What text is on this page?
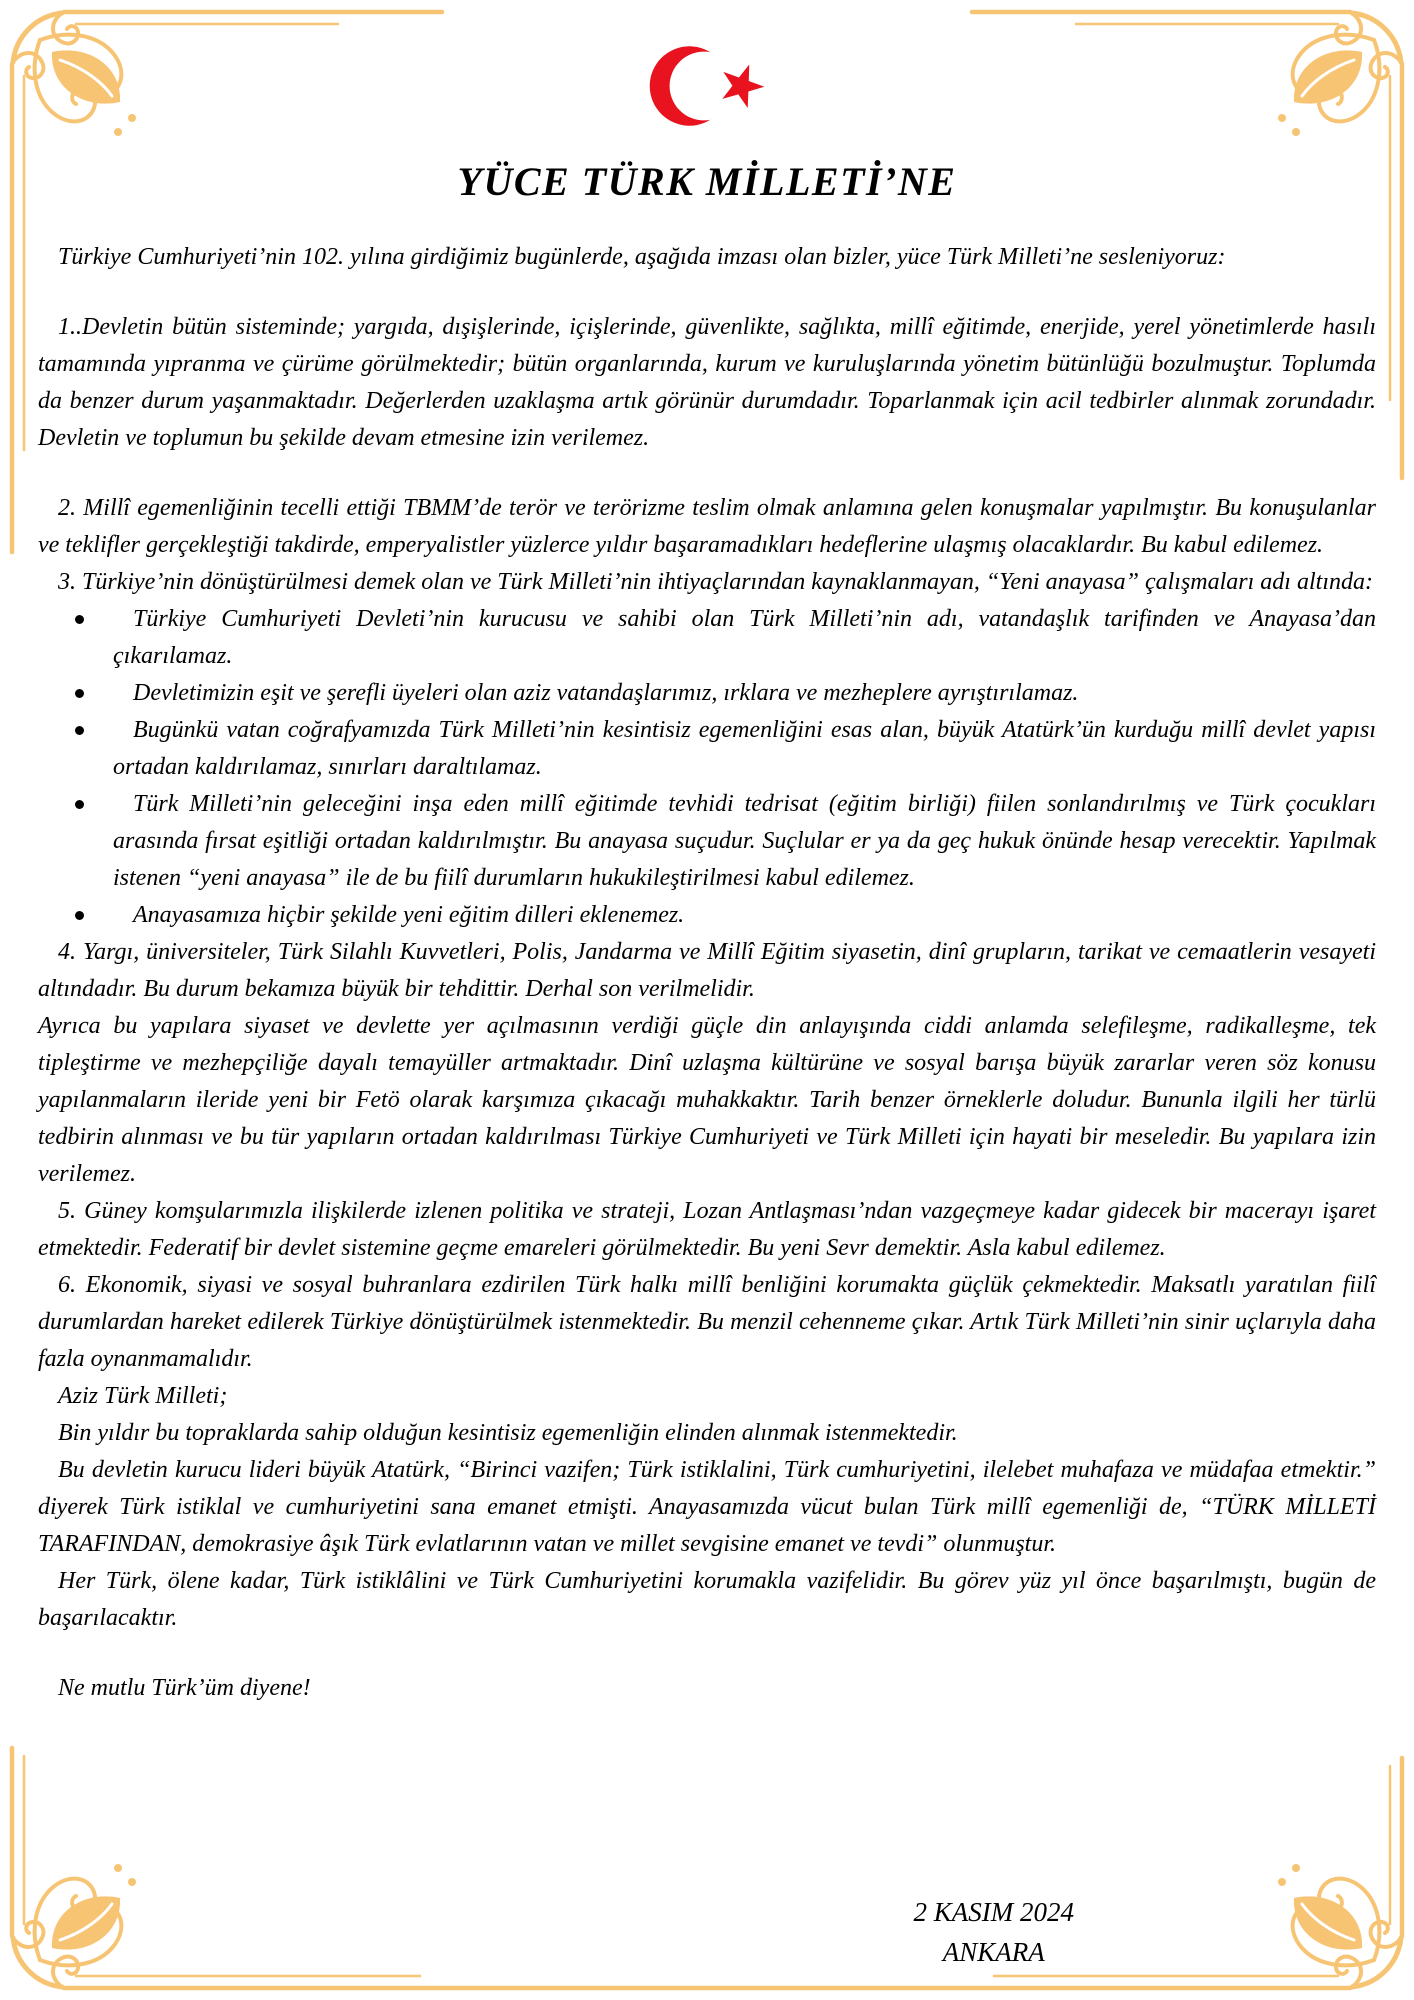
YÜCE TÜRK MİLLETİ’NE

Türkiye Cumhuriyeti’nin 102. yılına girdiğimiz bugünlerde, aşağıda imzası olan bizler, yüce Türk Milleti’ne sesleniyoruz:

1..Devletin bütün sisteminde; yargıda, dışişlerinde, içişlerinde, güvenlikte, sağlıkta, millî eğitimde, enerjide, yerel yönetimlerde hasılı tamamında yıpranma ve çürüme görülmektedir; bütün organlarında, kurum ve kuruluşlarında yönetim bütünlüğü bozulmuştur. Toplumda da benzer durum yaşanmaktadır. Değerlerden uzaklaşma artık görünür durumdadır. Toparlanmak için acil tedbirler alınmak zorundadır. Devletin ve toplumun bu şekilde devam etmesine izin verilemez.

2. Millî egemenliğinin tecelli ettiği TBMM’de terör ve terörizme teslim olmak anlamına gelen konuşmalar yapılmıştır. Bu konuşulanlar ve teklifler gerçekleştiği takdirde, emperyalistler yüzlerce yıldır başaramadıkları hedeflerine ulaşmış olacaklardır. Bu kabul edilemez.

3. Türkiye’nin dönüştürülmesi demek olan ve Türk Milleti’nin ihtiyaçlarından kaynaklanmayan, “Yeni anayasa” çalışmaları adı altında:

Türkiye Cumhuriyeti Devleti’nin kurucusu ve sahibi olan Türk Milleti’nin adı, vatandaşlık tarifinden ve Anayasa’dan çıkarılamaz.
Devletimizin eşit ve şerefli üyeleri olan aziz vatandaşlarımız, ırklara ve mezheplere ayrıştırılamaz.
Bugünkü vatan coğrafyamızda Türk Milleti’nin kesintisiz egemenliğini esas alan, büyük Atatürk’ün kurduğu millî devlet yapısı ortadan kaldırılamaz, sınırları daraltılamaz.
Türk Milleti’nin geleceğini inşa eden millî eğitimde tevhidi tedrisat (eğitim birliği) fiilen sonlandırılmış ve Türk çocukları arasında fırsat eşitliği ortadan kaldırılmıştır. Bu anayasa suçudur. Suçlular er ya da geç hukuk önünde hesap verecektir. Yapılmak istenen “yeni anayasa” ile de bu fiilî durumların hukukileştirilmesi kabul edilemez.
Anayasamıza hiçbir şekilde yeni eğitim dilleri eklenemez.

4. Yargı, üniversiteler, Türk Silahlı Kuvvetleri, Polis, Jandarma ve Millî Eğitim siyasetin, dinî grupların, tarikat ve cemaatlerin vesayeti altındadır. Bu durum bekamıza büyük bir tehdittir. Derhal son verilmelidir.

Ayrıca bu yapılara siyaset ve devlette yer açılmasının verdiği güçle din anlayışında ciddi anlamda selefileşme, radikalleşme, tek tipleştirme ve mezhepçiliğe dayalı temayüller artmaktadır. Dinî uzlaşma kültürüne ve sosyal barışa büyük zararlar veren söz konusu yapılanmaların ileride yeni bir Fetö olarak karşımıza çıkacağı muhakkaktır. Tarih benzer örneklerle doludur. Bununla ilgili her türlü tedbirin alınması ve bu tür yapıların ortadan kaldırılması Türkiye Cumhuriyeti ve Türk Milleti için hayati bir meseledir. Bu yapılara izin verilemez.

5. Güney komşularımızla ilişkilerde izlenen politika ve strateji, Lozan Antlaşması’ndan vazgeçmeye kadar gidecek bir macerayı işaret etmektedir. Federatif bir devlet sistemine geçme emareleri görülmektedir. Bu yeni Sevr demektir. Asla kabul edilemez.

6. Ekonomik, siyasi ve sosyal buhranlara ezdirilen Türk halkı millî benliğini korumakta güçlük çekmektedir. Maksatlı yaratılan fiilî durumlardan hareket edilerek Türkiye dönüştürülmek istenmektedir. Bu menzil cehenneme çıkar. Artık Türk Milleti’nin sinir uçlarıyla daha fazla oynanmamalıdır.

Aziz Türk Milleti;

Bin yıldır bu topraklarda sahip olduğun kesintisiz egemenliğin elinden alınmak istenmektedir.

Bu devletin kurucu lideri büyük Atatürk, “Birinci vazifen; Türk istiklalini, Türk cumhuriyetini, ilelebet muhafaza ve müdafaa etmektir.” diyerek Türk istiklal ve cumhuriyetini sana emanet etmişti. Anayasamızda vücut bulan Türk millî egemenliği de, “TÜRK MİLLETİ TARAFINDAN, demokrasiye âşık Türk evlatlarının vatan ve millet sevgisine emanet ve tevdi” olunmuştur.

Her Türk, ölene kadar, Türk istiklâlini ve Türk Cumhuriyetini korumakla vazifelidir. Bu görev yüz yıl önce başarılmıştı, bugün de başarılacaktır.

Ne mutlu Türk’üm diyene!

2 KASIM 2024
ANKARA
